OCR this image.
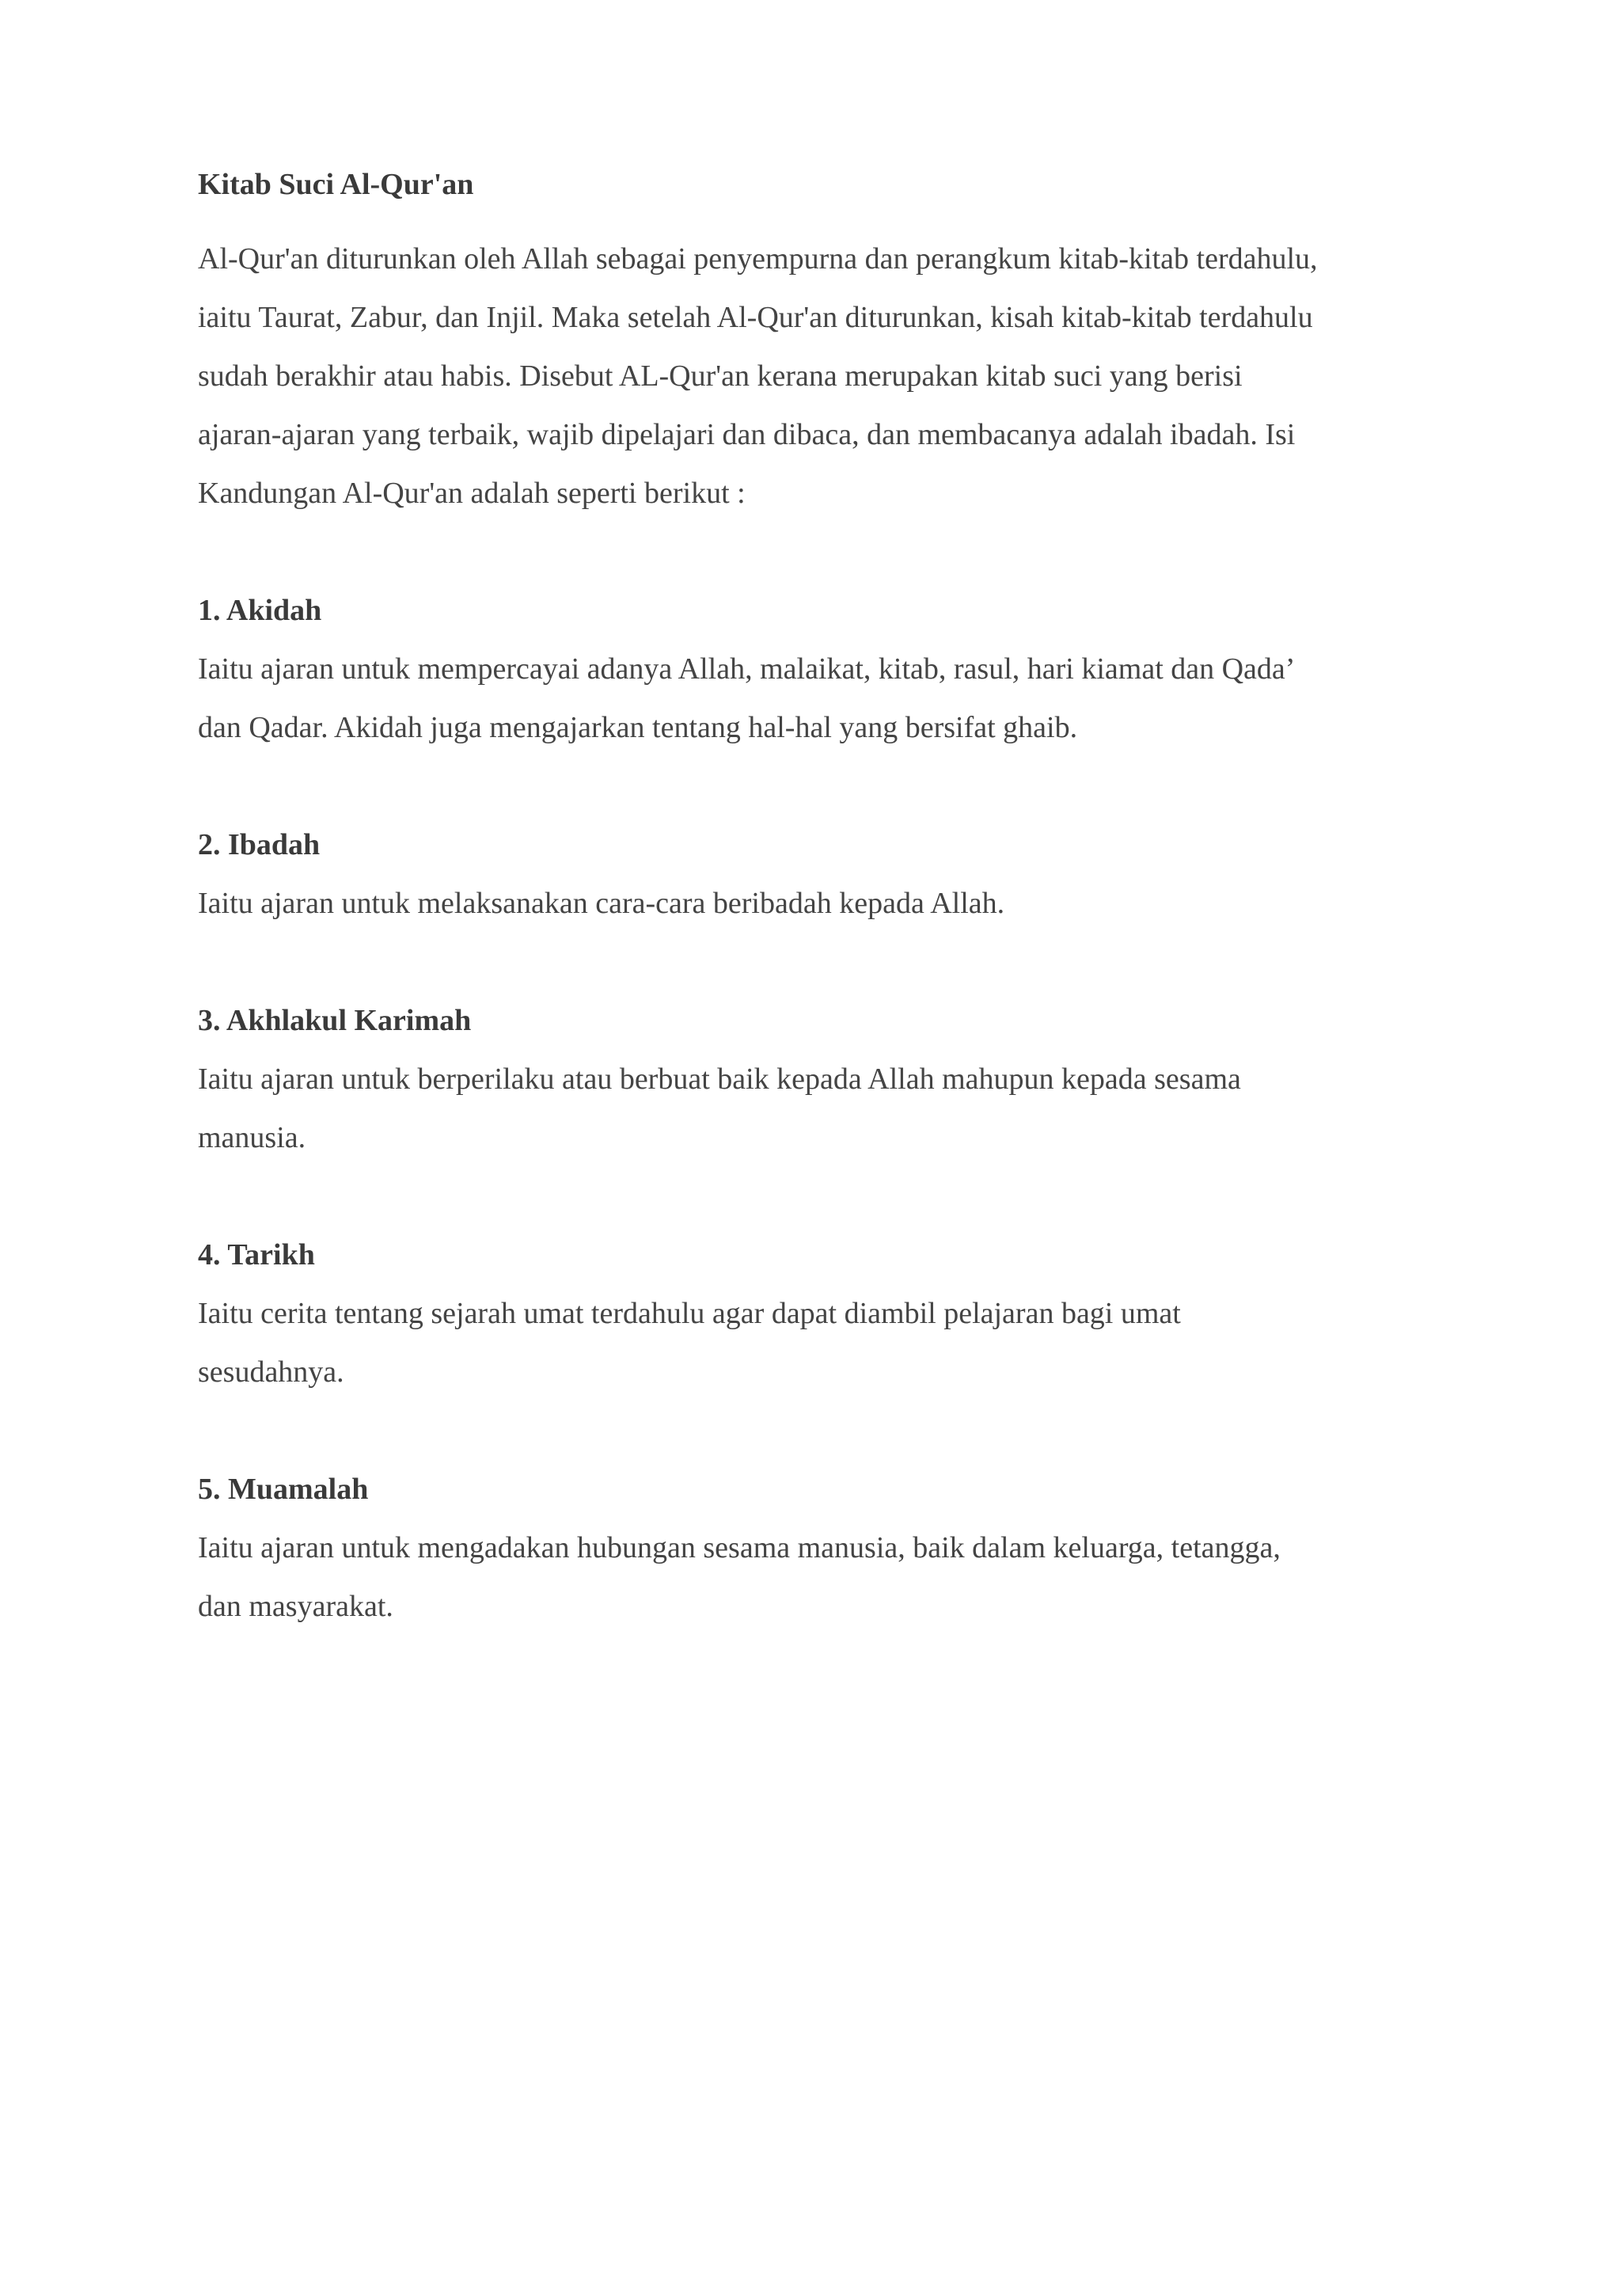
Kitab Suci Al-Qur'an

Al-Qur'an diturunkan oleh Allah sebagai penyempurna dan perangkum kitab-kitab terdahulu,
iaitu Taurat, Zabur, dan Injil. Maka setelah Al-Qur'an diturunkan, kisah kitab-kitab terdahulu
sudah berakhir atau habis. Disebut AL-Qur'an kerana merupakan kitab suci yang berisi
ajaran-ajaran yang terbaik, wajib dipelajari dan dibaca, dan membacanya adalah ibadah. Isi
Kandungan Al-Qur'an adalah seperti berikut :

1. Akidah

Iaitu ajaran untuk mempercayai adanya Allah, malaikat, kitab, rasul, hari kiamat dan Qada’
dan Qadar. Akidah juga mengajarkan tentang hal-hal yang bersifat ghaib.

2. Ibadah

Iaitu ajaran untuk melaksanakan cara-cara beribadah kepada Allah.

3. Akhlakul Karimah

Iaitu ajaran untuk berperilaku atau berbuat baik kepada Allah mahupun kepada sesama
manusia.

4. Tarikh

Iaitu cerita tentang sejarah umat terdahulu agar dapat diambil pelajaran bagi umat
sesudahnya.

5. Muamalah

Iaitu ajaran untuk mengadakan hubungan sesama manusia, baik dalam keluarga, tetangga,
dan masyarakat.
